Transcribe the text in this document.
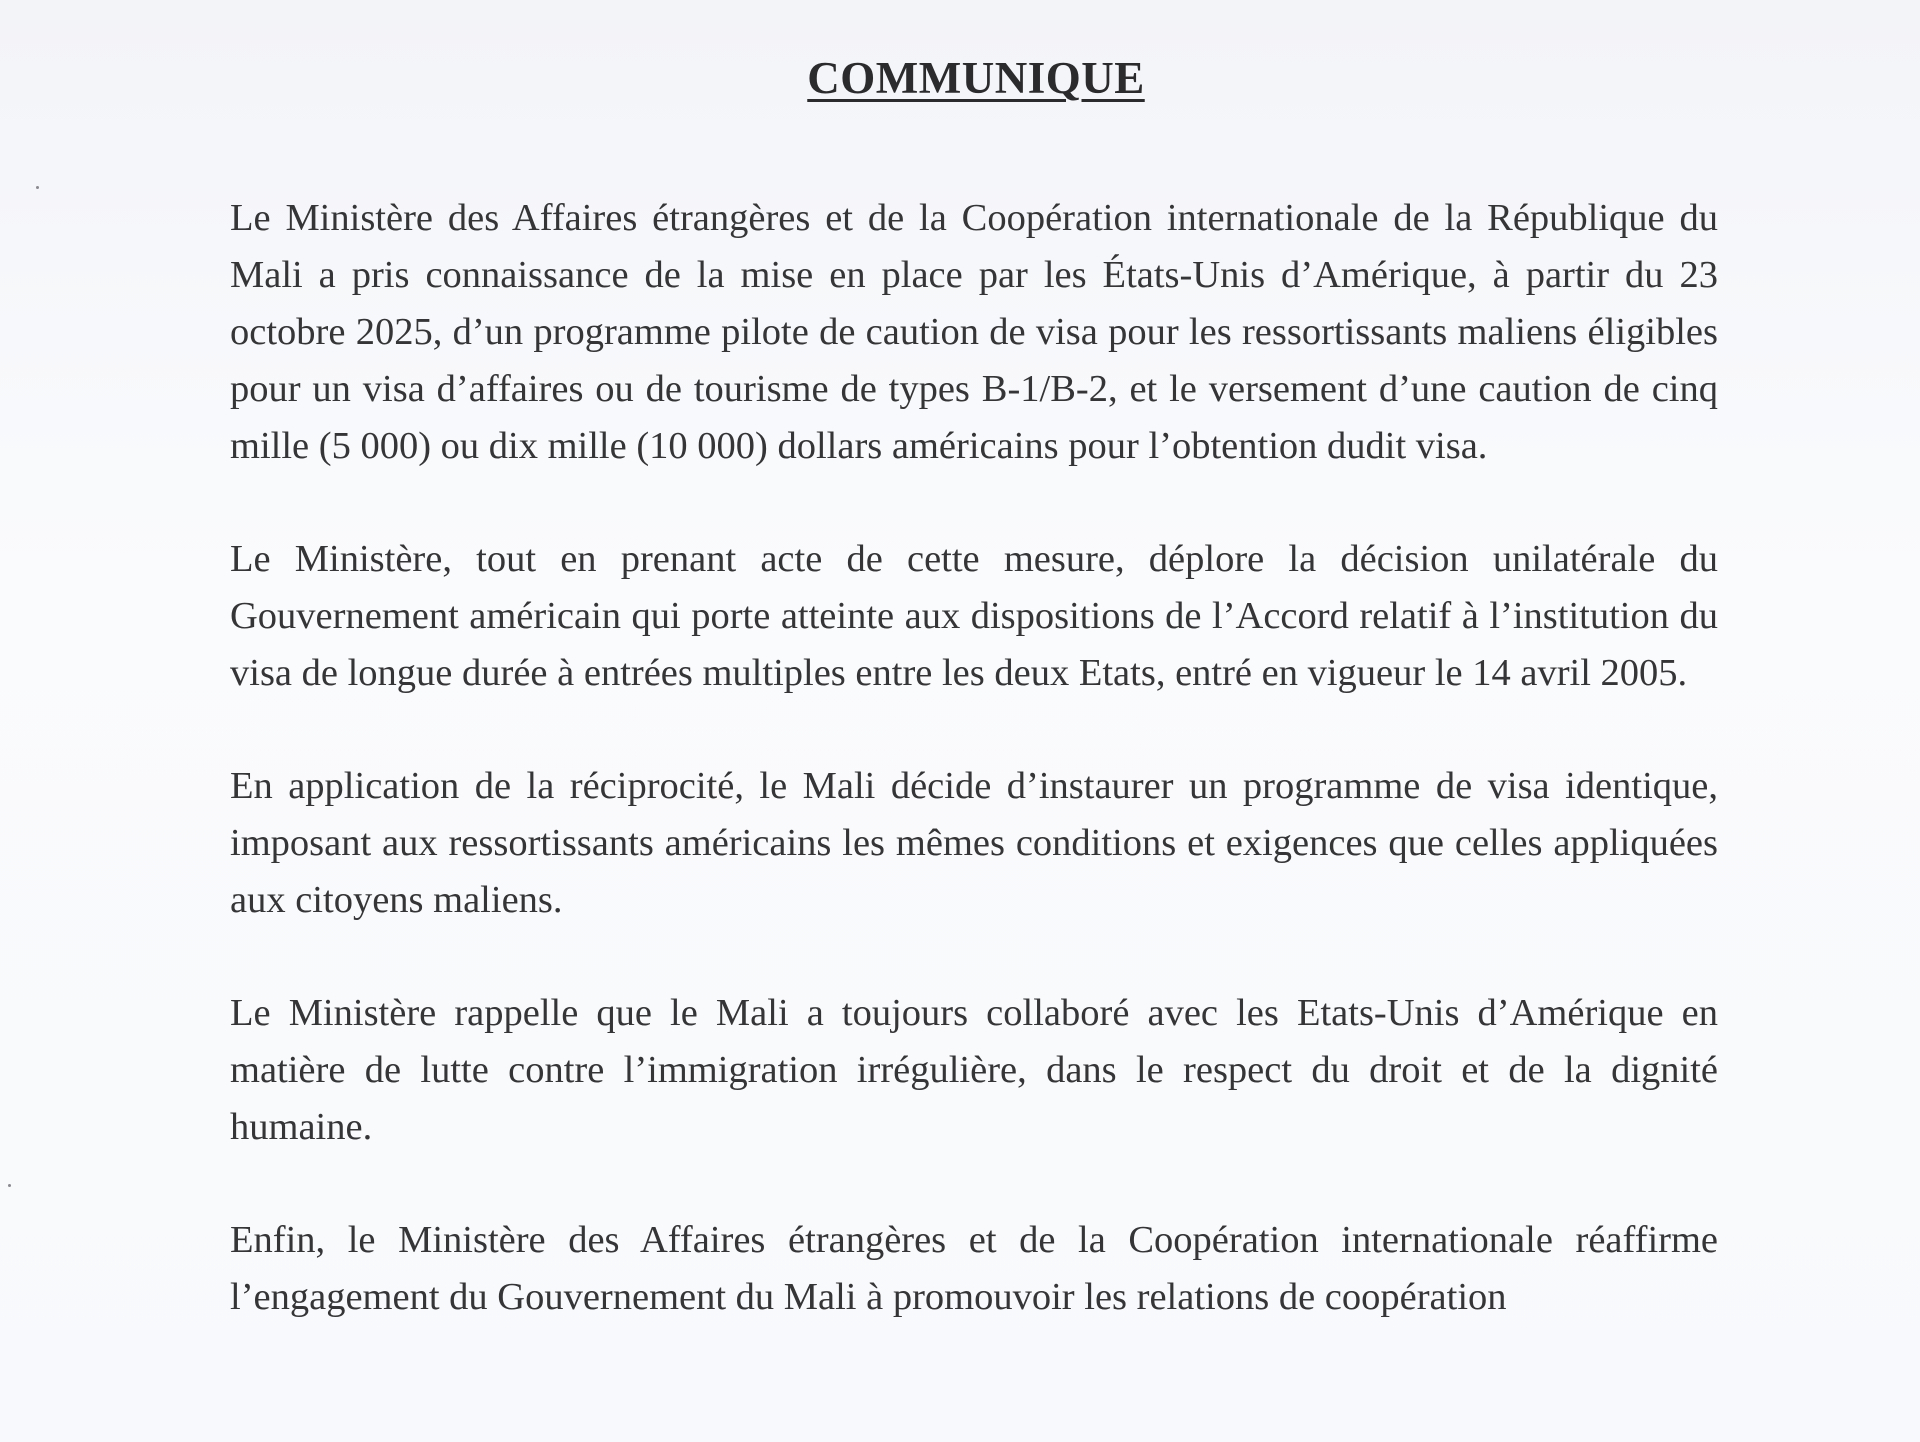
COMMUNIQUE

Le Ministère des Affaires étrangères et de la Coopération internationale de la République du Mali a pris connaissance de la mise en place par les États-Unis d’Amérique, à partir du 23 octobre 2025, d’un programme pilote de caution de visa pour les ressortissants maliens éligibles pour un visa d’affaires ou de tourisme de types B-1/B-2, et le versement d’une caution de cinq mille (5 000) ou dix mille (10 000) dollars américains pour l’obtention dudit visa.

Le Ministère, tout en prenant acte de cette mesure, déplore la décision unilatérale du Gouvernement américain qui porte atteinte aux dispositions de l’Accord relatif à l’institution du visa de longue durée à entrées multiples entre les deux Etats, entré en vigueur le 14 avril 2005.

En application de la réciprocité, le Mali décide d’instaurer un programme de visa identique, imposant aux ressortissants américains les mêmes conditions et exigences que celles appliquées aux citoyens maliens.

Le Ministère rappelle que le Mali a toujours collaboré avec les Etats-Unis d’Amérique en matière de lutte contre l’immigration irrégulière, dans le respect du droit et de la dignité humaine.

Enfin, le Ministère des Affaires étrangères et de la Coopération internationale réaffirme l’engagement du Gouvernement du Mali à promouvoir les relations de coopération
